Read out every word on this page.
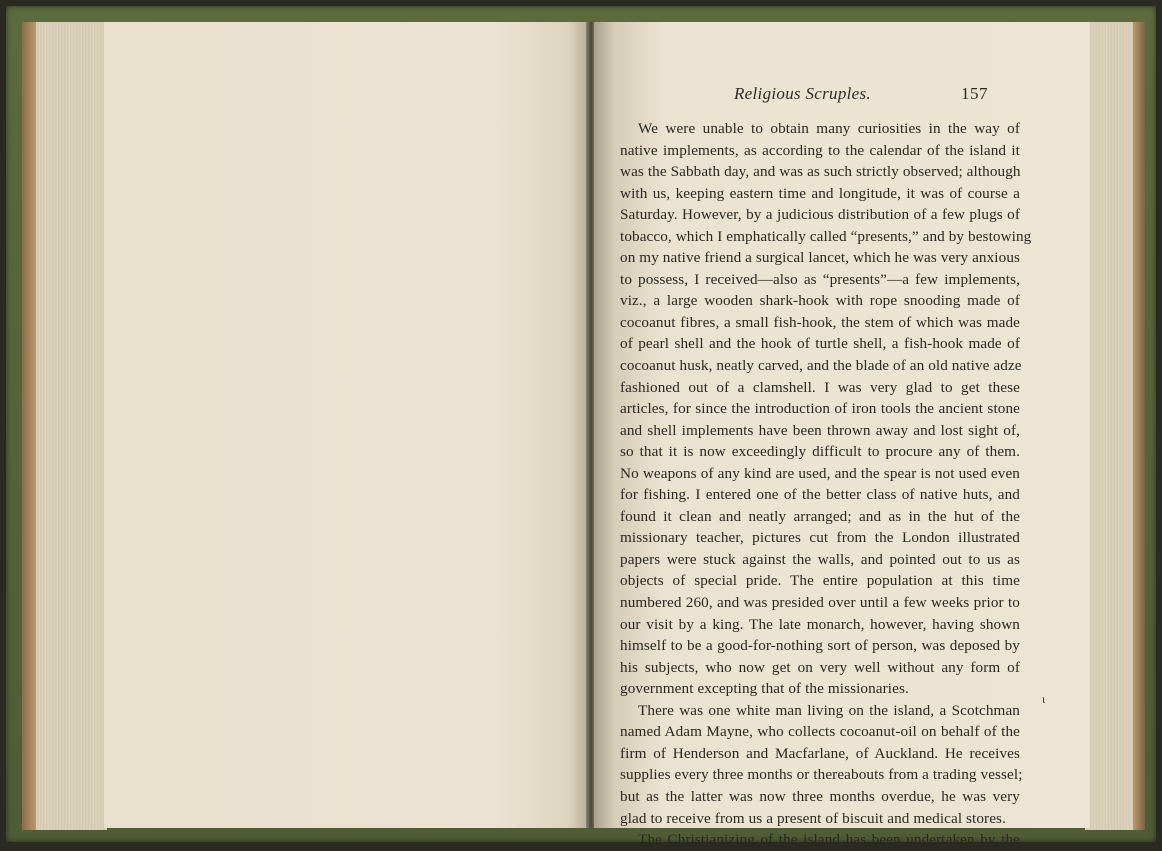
Religious Scruples.	157
We were unable to obtain many curiosities in the way of
native implements, as according to the calendar of the island it
was the Sabbath day, and was as such strictly observed; although
with us, keeping eastern time and longitude, it was of course a
Saturday. However, by a judicious distribution of a few plugs of
tobacco, which I emphatically called “presents,” and by bestowing
on my native friend a surgical lancet, which he was very anxious
to possess, I received—also as “presents”—a few implements,
viz., a large wooden shark-hook with rope snooding made of
cocoanut fibres, a small fish-hook, the stem of which was made
of pearl shell and the hook of turtle shell, a fish-hook made of
cocoanut husk, neatly carved, and the blade of an old native adze
fashioned out of a clamshell. I was very glad to get these
articles, for since the introduction of iron tools the ancient stone
and shell implements have been thrown away and lost sight of,
so that it is now exceedingly difficult to procure any of them.
No weapons of any kind are used, and the spear is not used even
for fishing. I entered one of the better class of native huts, and
found it clean and neatly arranged; and as in the hut of the
missionary teacher, pictures cut from the London illustrated
papers were stuck against the walls, and pointed out to us as
objects of special pride. The entire population at this time
numbered 260, and was presided over until a few weeks prior to
our visit by a king. The late monarch, however, having shown
himself to be a good-for-nothing sort of person, was deposed by
his subjects, who now get on very well without any form of
government excepting that of the missionaries.
There was one white man living on the island, a Scotchman
named Adam Mayne, who collects cocoanut-oil on behalf of the
firm of Henderson and Macfarlane, of Auckland. He receives
supplies every three months or thereabouts from a trading vessel;
but as the latter was now three months overdue, he was very
glad to receive from us a present of biscuit and medical stores.
The Christianizing of the island has been undertaken by the
ɩ
